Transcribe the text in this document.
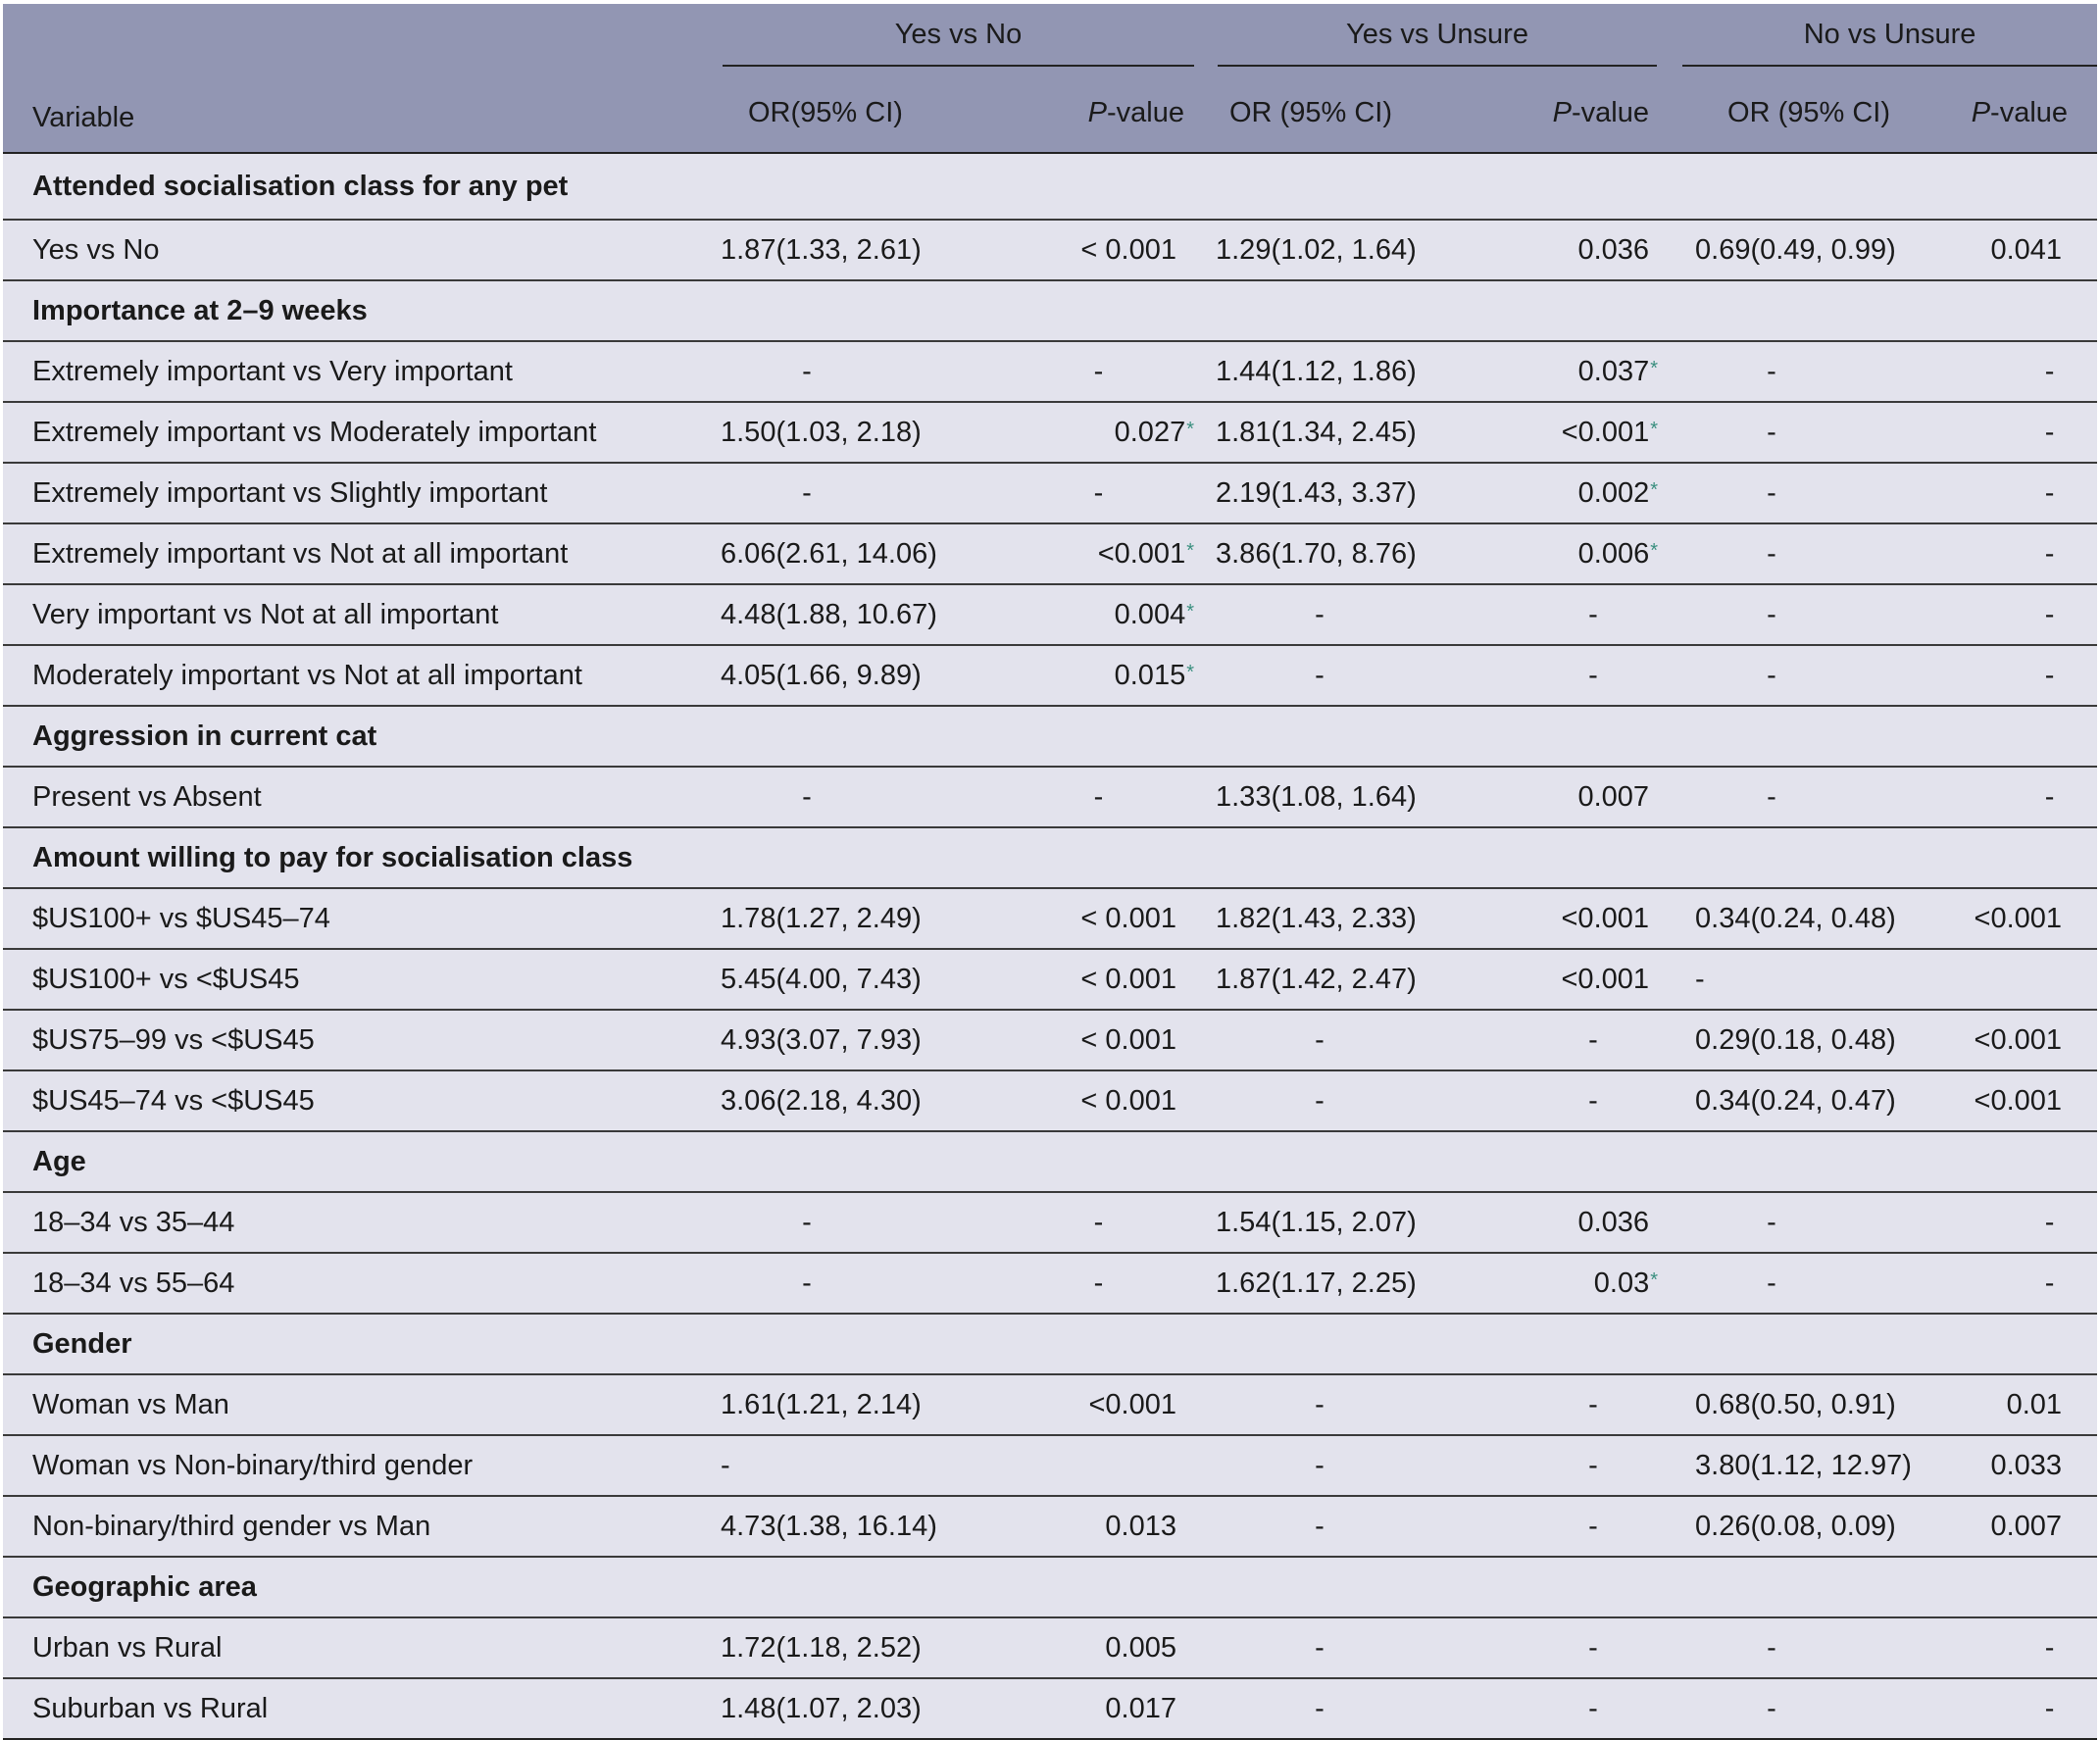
	Yes vs No		Yes vs Unsure		No vs Unsure	

Variable	OR(95% CI)	P-value	OR (95% CI)	P-value	OR (95% CI)	P-value
Attended socialisation class for any pet						
Yes vs No	1.87(1.33, 2.61)	< 0.001	1.29(1.02, 1.64)	0.036	0.69(0.49, 0.99)	0.041
Importance at 2–9 weeks						
Extremely important vs Very important	-	-	1.44(1.12, 1.86)	0.037*	-	-
Extremely important vs Moderately important	1.50(1.03, 2.18)	0.027*	1.81(1.34, 2.45)	<0.001*	-	-
Extremely important vs Slightly important	-	-	2.19(1.43, 3.37)	0.002*	-	-
Extremely important vs Not at all important	6.06(2.61, 14.06)	<0.001*	3.86(1.70, 8.76)	0.006*	-	-
Very important vs Not at all important	4.48(1.88, 10.67)	0.004*	-	-	-	-
Moderately important vs Not at all important	4.05(1.66, 9.89)	0.015*	-	-	-	-
Aggression in current cat						
Present vs Absent	-	-	1.33(1.08, 1.64)	0.007	-	-
Amount willing to pay for socialisation class						
$US100+ vs $US45–74	1.78(1.27, 2.49)	< 0.001	1.82(1.43, 2.33)	<0.001	0.34(0.24, 0.48)	<0.001
$US100+ vs <$US45	5.45(4.00, 7.43)	< 0.001	1.87(1.42, 2.47)	<0.001	-	
$US75–99 vs <$US45	4.93(3.07, 7.93)	< 0.001	-	-	0.29(0.18, 0.48)	<0.001
$US45–74 vs <$US45	3.06(2.18, 4.30)	< 0.001	-	-	0.34(0.24, 0.47)	<0.001
Age						
18–34 vs 35–44	-	-	1.54(1.15, 2.07)	0.036	-	-
18–34 vs 55–64	-	-	1.62(1.17, 2.25)	0.03*	-	-
Gender						
Woman vs Man	1.61(1.21, 2.14)	<0.001	-	-	0.68(0.50, 0.91)	0.01
Woman vs Non-binary/third gender	-		-	-	3.80(1.12, 12.97)	0.033
Non-binary/third gender vs Man	4.73(1.38, 16.14)	0.013	-	-	0.26(0.08, 0.09)	0.007
Geographic area						
Urban vs Rural	1.72(1.18, 2.52)	0.005	-	-	-	-
Suburban vs Rural	1.48(1.07, 2.03)	0.017	-	-	-	-
